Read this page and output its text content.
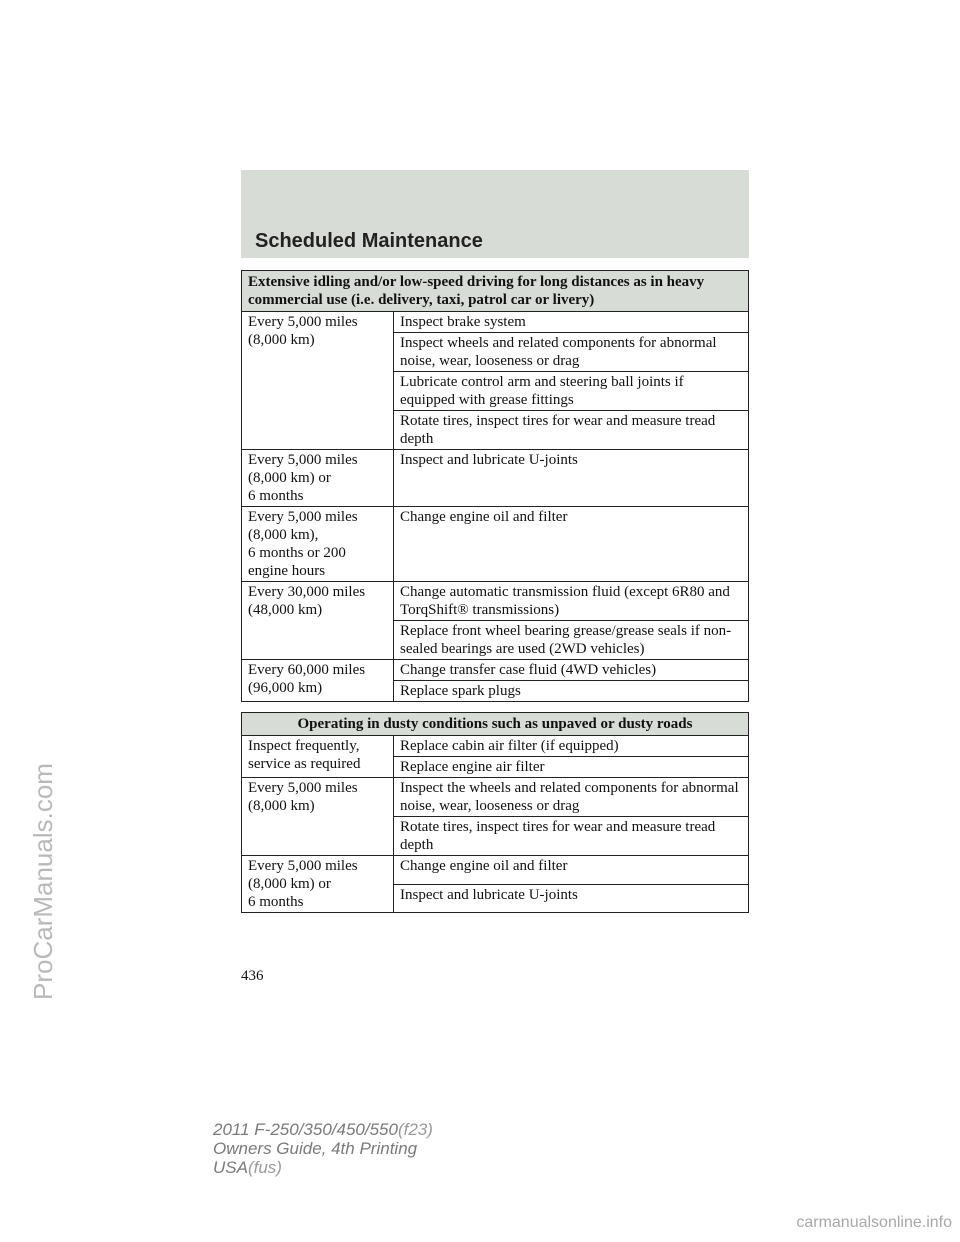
Scheduled Maintenance
ProCarManuals.com
Extensive idling and/or low-speed driving for long distances as in heavy commercial use (i.e. delivery, taxi, patrol car or livery)	
Every 5,000 miles
(8,000 km)	Inspect brake system
	Inspect wheels and related components for abnormal noise, wear, looseness or drag
	Lubricate control arm and steering ball joints if equipped with grease fittings
	Rotate tires, inspect tires for wear and measure tread depth
Every 5,000 miles
(8,000 km) or
6 months	Inspect and lubricate U-joints
Every 5,000 miles
(8,000 km),
6 months or 200
engine hours	Change engine oil and filter
Every 30,000 miles
(48,000 km)	Change automatic transmission fluid (except 6R80 and TorqShift® transmissions)
	Replace front wheel bearing grease/grease seals if non-sealed bearings are used (2WD vehicles)
Every 60,000 miles
(96,000 km)	Change transfer case fluid (4WD vehicles)
	Replace spark plugs
Operating in dusty conditions such as unpaved or dusty roads	
Inspect frequently,
service as required	Replace cabin air filter (if equipped)
	Replace engine air filter
Every 5,000 miles
(8,000 km)	Inspect the wheels and related components for abnormal noise, wear, looseness or drag
	Rotate tires, inspect tires for wear and measure tread depth
Every 5,000 miles
(8,000 km) or
6 months	Change engine oil and filter
	Inspect and lubricate U-joints
436
2011 F-250/350/450/550(f23)
Owners Guide, 4th Printing
USA(fus)
carmanualsonline.info
